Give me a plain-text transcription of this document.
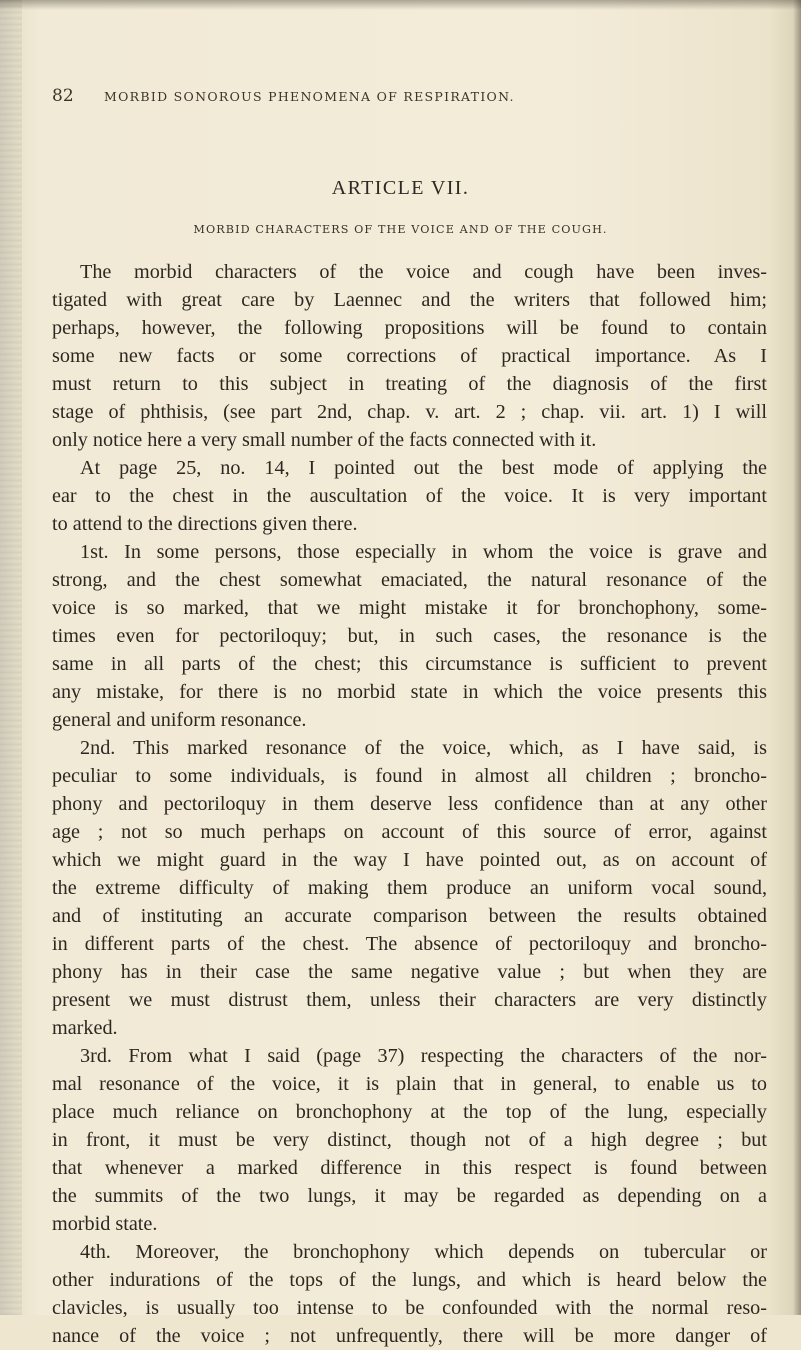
82 MORBID SONOROUS PHENOMENA OF RESPIRATION.
ARTICLE VII.
MORBID CHARACTERS OF THE VOICE AND OF THE COUGH.
The morbid characters of the voice and cough have been inves-
tigated with great care by Laennec and the writers that followed him;
perhaps, however, the following propositions will be found to contain
some new facts or some corrections of practical importance. As I
must return to this subject in treating of the diagnosis of the first
stage of phthisis, (see part 2nd, chap. v. art. 2 ; chap. vii. art. 1) I will
only notice here a very small number of the facts connected with it.
At page 25, no. 14, I pointed out the best mode of applying the
ear to the chest in the auscultation of the voice. It is very important
to attend to the directions given there.
1st. In some persons, those especially in whom the voice is grave and
strong, and the chest somewhat emaciated, the natural resonance of the
voice is so marked, that we might mistake it for bronchophony, some-
times even for pectoriloquy; but, in such cases, the resonance is the
same in all parts of the chest; this circumstance is sufficient to prevent
any mistake, for there is no morbid state in which the voice presents this
general and uniform resonance.
2nd. This marked resonance of the voice, which, as I have said, is
peculiar to some individuals, is found in almost all children ; broncho-
phony and pectoriloquy in them deserve less confidence than at any other
age ; not so much perhaps on account of this source of error, against
which we might guard in the way I have pointed out, as on account of
the extreme difficulty of making them produce an uniform vocal sound,
and of instituting an accurate comparison between the results obtained
in different parts of the chest. The absence of pectoriloquy and broncho-
phony has in their case the same negative value ; but when they are
present we must distrust them, unless their characters are very distinctly
marked.
3rd. From what I said (page 37) respecting the characters of the nor-
mal resonance of the voice, it is plain that in general, to enable us to
place much reliance on bronchophony at the top of the lung, especially
in front, it must be very distinct, though not of a high degree ; but
that whenever a marked difference in this respect is found between
the summits of the two lungs, it may be regarded as depending on a
morbid state.
4th. Moreover, the bronchophony which depends on tubercular or
other indurations of the tops of the lungs, and which is heard below the
clavicles, is usually too intense to be confounded with the normal reso-
nance of the voice ; not unfrequently, there will be more danger of
